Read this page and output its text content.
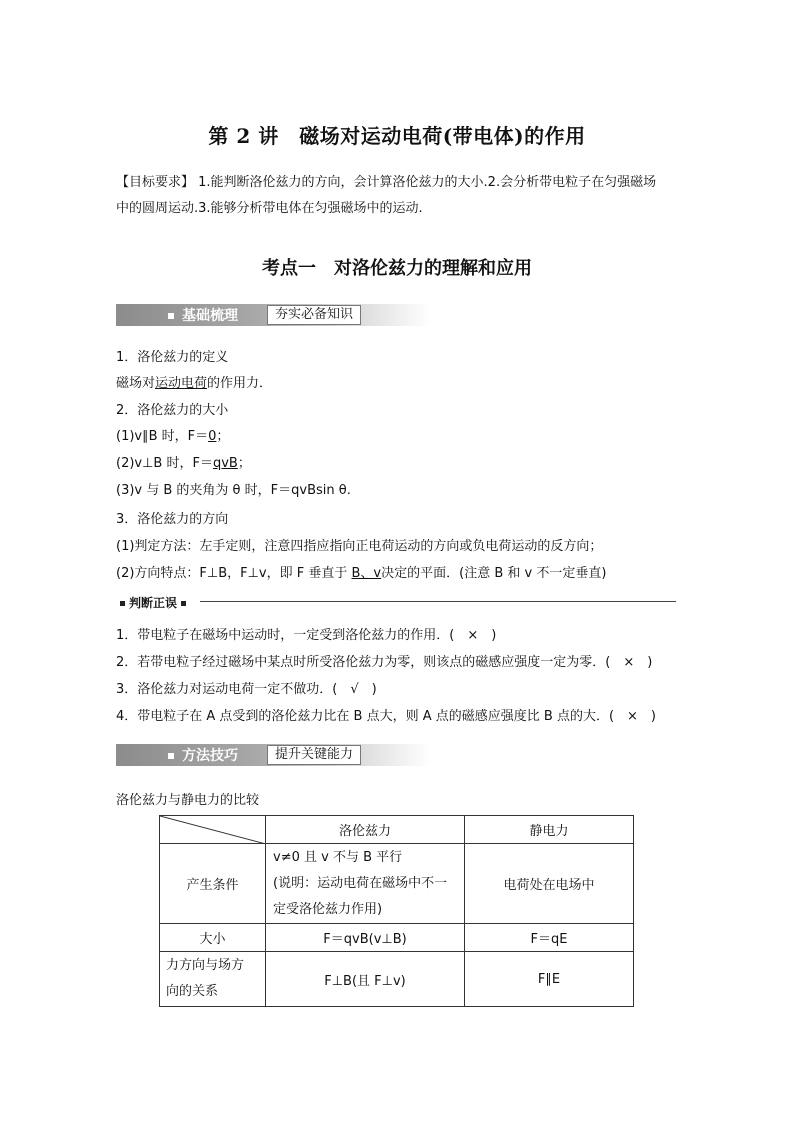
第 2 讲　磁场对运动电荷(带电体)的作用
【目标要求】 1.能判断洛伦兹力的方向，会计算洛伦兹力的大小.2.会分析带电粒子在匀强磁场
中的圆周运动.3.能够分析带电体在匀强磁场中的运动.
考点一　对洛伦兹力的理解和应用
基础梳理	夯实必备知识
1．洛伦兹力的定义
磁场对运动电荷的作用力．
2．洛伦兹力的大小
(1)v∥B 时，F＝0；
(2)v⊥B 时，F＝qvB；
(3)v 与 B 的夹角为 θ 时，F＝qvBsin θ.
3．洛伦兹力的方向
(1)判定方法：左手定则，注意四指应指向正电荷运动的方向或负电荷运动的反方向；
(2)方向特点：F⊥B，F⊥v，即 F 垂直于 B、v决定的平面．(注意 B 和 v 不一定垂直)
判断正误
1．带电粒子在磁场中运动时，一定受到洛伦兹力的作用．(　×　)
2．若带电粒子经过磁场中某点时所受洛伦兹力为零，则该点的磁感应强度一定为零．(　×　)
3．洛伦兹力对运动电荷一定不做功．(　√　)
4．带电粒子在 A 点受到的洛伦兹力比在 B 点大，则 A 点的磁感应强度比 B 点的大．(　×　)
方法技巧	提升关键能力
洛伦兹力与静电力的比较
	洛伦兹力	静电力
产生条件	v≠0 且 v 不与 B 平行
(说明：运动电荷在磁场中不一
定受洛伦兹力作用)	电荷处在电场中
大小	F＝qvB(v⊥B)	F＝qE

力方向与场方
向的关系	F⊥B(且 F⊥v)	F∥E
